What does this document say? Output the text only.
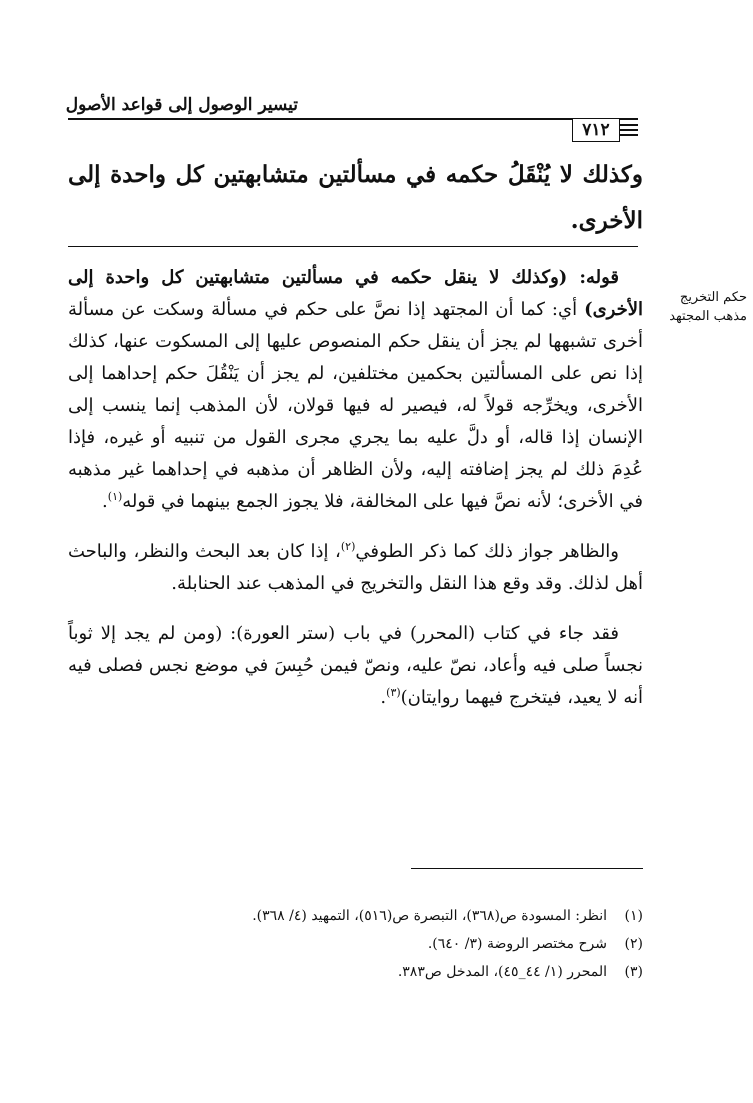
تيسير الوصول إلى قواعد الأصول
٧١٢
وكذلك لا يُنْقَلُ حكمه في مسألتين متشابهتين كل واحدة إلى الأخرى.
حكم التخريج
مذهب المجتهد

قوله: (وكذلك لا ينقل حكمه في مسألتين متشابهتين كل واحدة إلى الأخرى) أي: كما أن المجتهد إذا نصَّ على حكم في مسألة وسكت عن مسألة أخرى تشبهها لم يجز أن ينقل حكم المنصوص عليها إلى المسكوت عنها، كذلك إذا نص على المسألتين بحكمين مختلفين، لم يجز أن يَنْقُلَ حكم إحداهما إلى الأخرى، ويخرِّجه قولاً له، فيصير له فيها قولان، لأن المذهب إنما ينسب إلى الإنسان إذا قاله، أو دلَّ عليه بما يجري مجرى القول من تنبيه أو غيره، فإذا عُدِمَ ذلك لم يجز إضافته إليه، ولأن الظاهر أن مذهبه في إحداهما غير مذهبه في الأخرى؛ لأنه نصَّ فيها على المخالفة، فلا يجوز الجمع بينهما في قوله$^{(١)}$.

والظاهر جواز ذلك كما ذكر الطوفي$^{(٢)}$، إذا كان بعد البحث والنظر، والباحث أهل لذلك. وقد وقع هذا النقل والتخريج في المذهب عند الحنابلة.

فقد جاء في كتاب (المحرر) في باب (ستر العورة): (ومن لم يجد إلا ثوباً نجساً صلى فيه وأعاد، نصّ عليه، ونصّ فيمن حُبِسَ في موضع نجس فصلى فيه أنه لا يعيد، فيتخرج فيهما روايتان)$^{(٣)}$.

(١)انظر: المسودة ص(٣٦٨)، التبصرة ص(٥١٦)، التمهيد (٤/ ٣٦٨).
(٢)شرح مختصر الروضة (٣/ ٦٤٠).
(٣)المحرر (١/ ٤٤_٤٥)، المدخل ص٣٨٣.
